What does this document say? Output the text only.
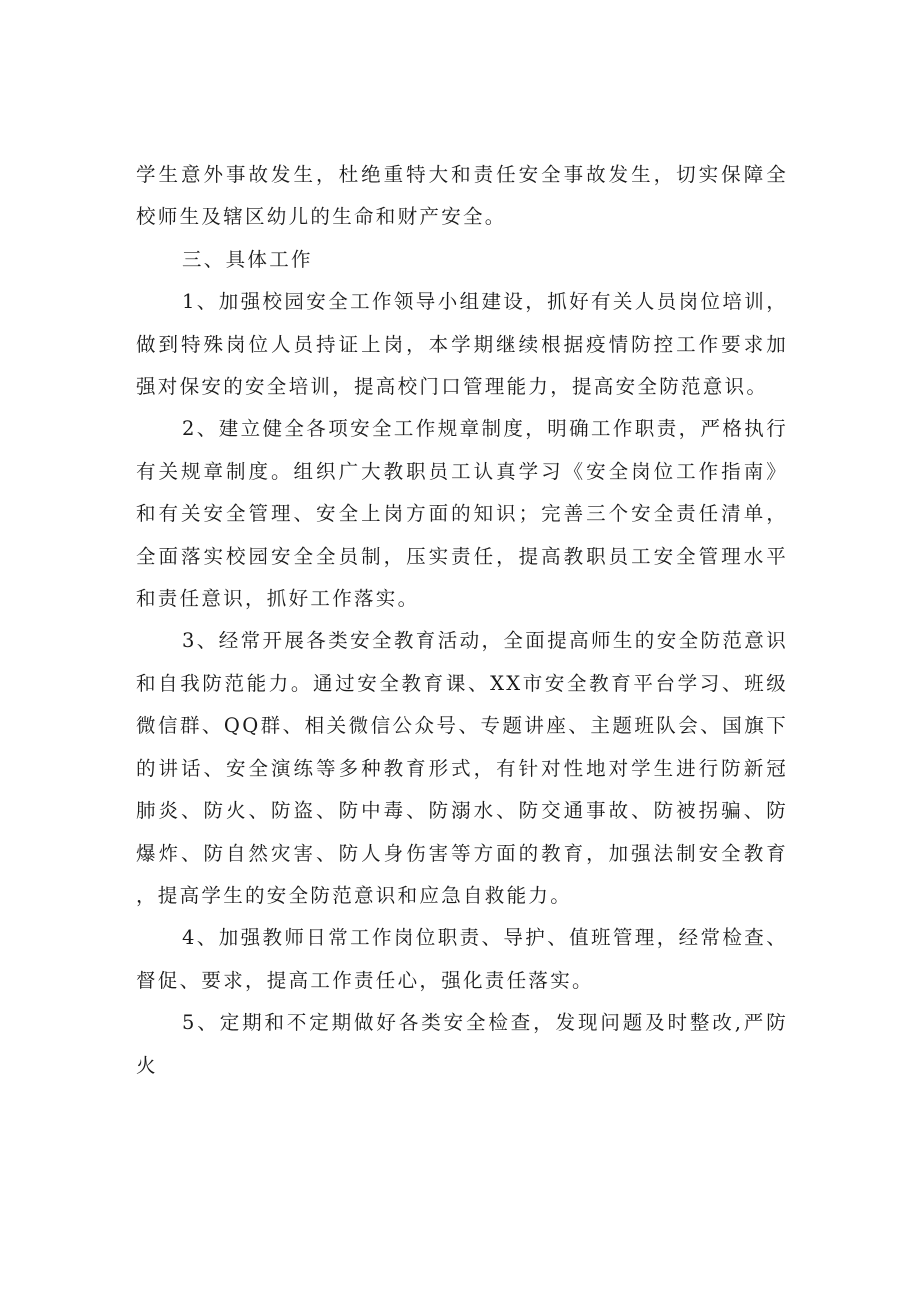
学生意外事故发生，杜绝重特大和责任安全事故发生，切实保障全校师生及辖区幼儿的生命和财产安全。

三、具体工作

1、加强校园安全工作领导小组建设，抓好有关人员岗位培训，做到特殊岗位人员持证上岗，本学期继续根据疫情防控工作要求加强对保安的安全培训，提高校门口管理能力，提高安全防范意识。

2、建立健全各项安全工作规章制度，明确工作职责，严格执行有关规章制度。组织广大教职员工认真学习《安全岗位工作指南》和有关安全管理、安全上岗方面的知识；完善三个安全责任清单，全面落实校园安全全员制，压实责任，提高教职员工安全管理水平和责任意识，抓好工作落实。

3、经常开展各类安全教育活动，全面提高师生的安全防范意识和自我防范能力。通过安全教育课、XX市安全教育平台学习、班级微信群、QQ群、相关微信公众号、专题讲座、主题班队会、国旗下的讲话、安全演练等多种教育形式，有针对性地对学生进行防新冠肺炎、防火、防盗、防中毒、防溺水、防交通事故、防被拐骗、防爆炸、防自然灾害、防人身伤害等方面的教育，加强法制安全教育，提高学生的安全防范意识和应急自救能力。

4、加强教师日常工作岗位职责、导护、值班管理，经常检查、督促、要求，提高工作责任心，强化责任落实。

5、定期和不定期做好各类安全检查，发现问题及时整改,严防火
